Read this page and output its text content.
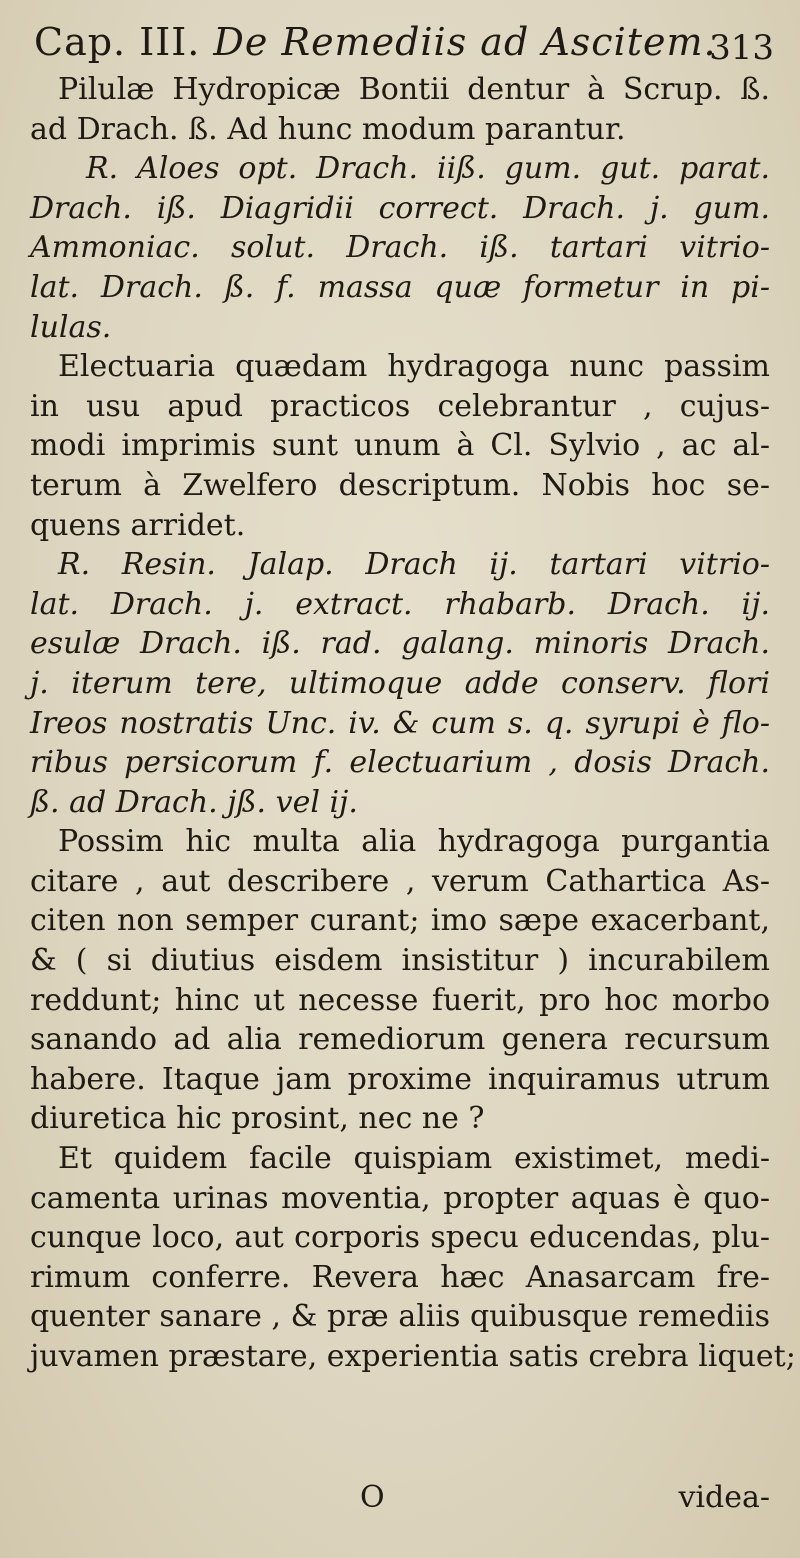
Cap. III. De Remediis ad Ascitem.
313
Pilulæ Hydropicæ Bontii dentur à Scrup. ß.
ad Drach. ß. Ad hunc modum parantur.
R. Aloes opt. Drach. iiß. gum. gut. parat.
Drach. iß. Diagridii correct. Drach. j. gum.
Ammoniac. solut. Drach. iß. tartari vitrio-
lat. Drach. ß. f. massa quæ formetur in pi-
lulas.
Electuaria quædam hydragoga nunc passim
in usu apud practicos celebrantur , cujus-
modi imprimis sunt unum à Cl. Sylvio , ac al-
terum à Zwelfero descriptum. Nobis hoc se-
quens arridet.
R. Resin. Jalap. Drach ij. tartari vitrio-
lat. Drach. j. extract. rhabarb. Drach. ij.
esulæ Drach. iß. rad. galang. minoris Drach.
j. iterum tere, ultimoque adde conserv. flori
Ireos nostratis Unc. iv. & cum s. q. syrupi è flo-
ribus persicorum f. electuarium , dosis Drach.
ß. ad Drach. jß. vel ij.
Possim hic multa alia hydragoga purgantia
citare , aut describere , verum Cathartica As-
citen non semper curant; imo sæpe exacerbant,
& ( si diutius eisdem insistitur ) incurabilem
reddunt; hinc ut necesse fuerit, pro hoc morbo
sanando ad alia remediorum genera recursum
habere. Itaque jam proxime inquiramus utrum
diuretica hic prosint, nec ne ?
Et quidem facile quispiam existimet, medi-
camenta urinas moventia, propter aquas è quo-
cunque loco, aut corporis specu educendas, plu-
rimum conferre. Revera hæc Anasarcam fre-
quenter sanare , & præ aliis quibusque remediis
juvamen præstare, experientia satis crebra liquet;
O	videa-
